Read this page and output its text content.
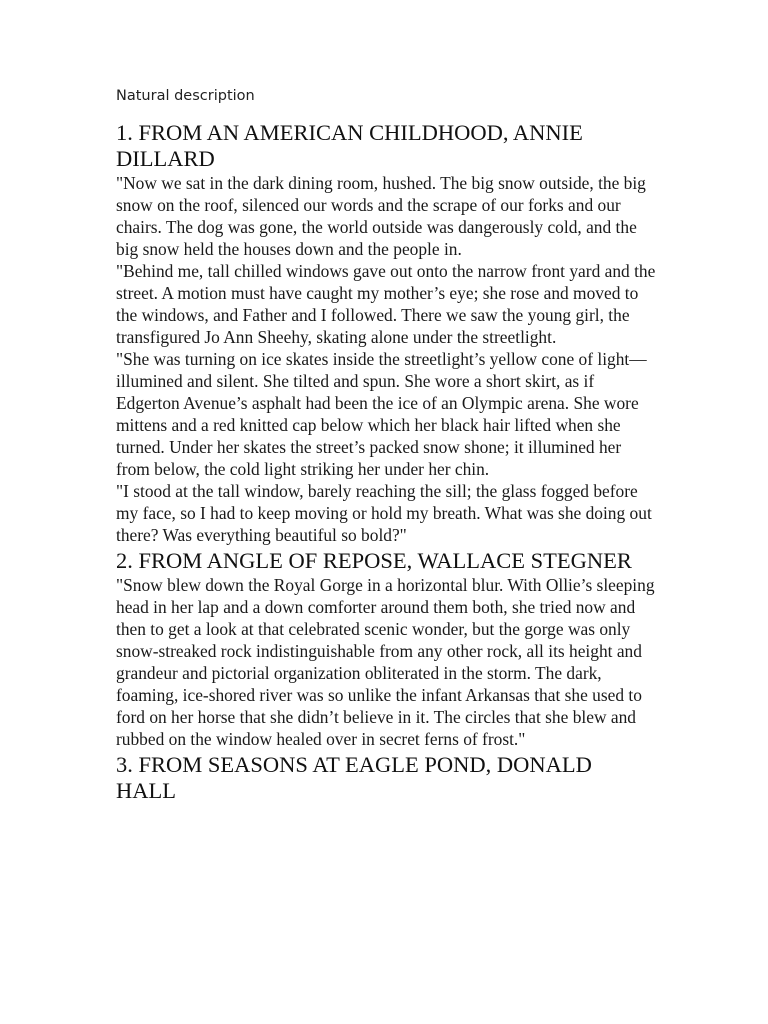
Natural description
1. FROM AN AMERICAN CHILDHOOD, ANNIE DILLARD

"Now we sat in the dark dining room, hushed. The big snow outside, the big snow on the roof, silenced our words and the scrape of our forks and our chairs. The dog was gone, the world outside was dangerously cold, and the big snow held the houses down and the people in.

"Behind me, tall chilled windows gave out onto the narrow front yard and the street. A motion must have caught my mother’s eye; she rose and moved to the windows, and Father and I followed. There we saw the young girl, the transfigured Jo Ann Sheehy, skating alone under the streetlight.

"She was turning on ice skates inside the streetlight’s yellow cone of light—illumined and silent. She tilted and spun. She wore a short skirt, as if Edgerton Avenue’s asphalt had been the ice of an Olympic arena. She wore mittens and a red knitted cap below which her black hair lifted when she turned. Under her skates the street’s packed snow shone; it illumined her from below, the cold light striking her under her chin.

"I stood at the tall window, barely reaching the sill; the glass fogged before my face, so I had to keep moving or hold my breath. What was she doing out there? Was everything beautiful so bold?"

2. FROM ANGLE OF REPOSE, WALLACE STEGNER

"Snow blew down the Royal Gorge in a horizontal blur. With Ollie’s sleeping head in her lap and a down comforter around them both, she tried now and then to get a look at that celebrated scenic wonder, but the gorge was only snow-streaked rock indistinguishable from any other rock, all its height and grandeur and pictorial organization obliterated in the storm. The dark, foaming, ice-shored river was so unlike the infant Arkansas that she used to ford on her horse that she didn’t believe in it. The circles that she blew and rubbed on the window healed over in secret ferns of frost."

3. FROM SEASONS AT EAGLE POND, DONALD HALL
